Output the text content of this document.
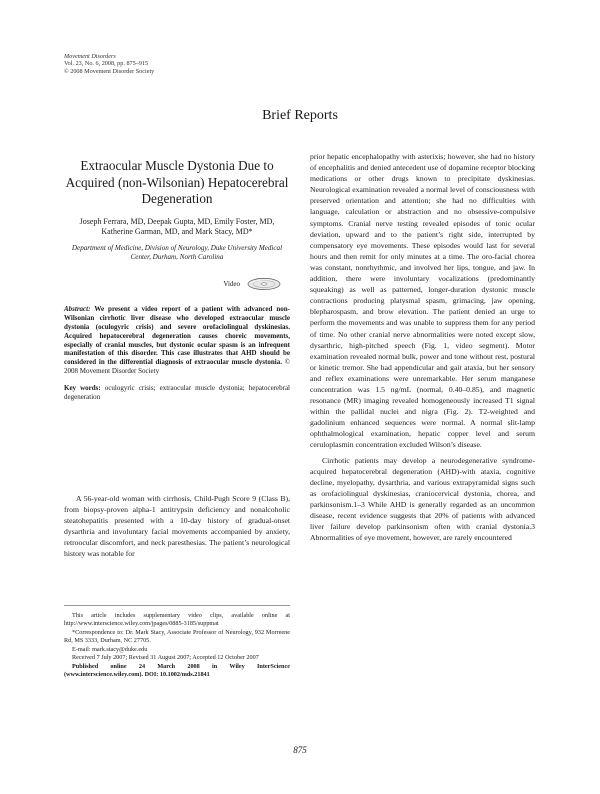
Movement Disorders
Vol. 23, No. 6, 2008, pp. 875–915
© 2008 Movement Disorder Society
Brief Reports
Extraocular Muscle Dystonia Due to Acquired (non-Wilsonian) Hepatocerebral Degeneration
Joseph Ferrara, MD, Deepak Gupta, MD, Emily Foster, MD, Katherine Garman, MD, and Mark Stacy, MD*
Department of Medicine, Division of Neurology, Duke University Medical Center, Durham, North Carolina
Video
Abstract: We present a video report of a patient with advanced non-Wilsonian cirrhotic liver disease who developed extraocular muscle dystonia (oculogyric crisis) and severe orofaciolingual dyskinesias. Acquired hepatocerebral degeneration causes choreic movements, especially of cranial muscles, but dystonic ocular spasm is an infrequent manifestation of this disorder. This case illustrates that AHD should be considered in the differential diagnosis of extraocular muscle dystonia. © 2008 Movement Disorder Society
Key words: oculogyric crisis; extraocular muscle dystonia; hepatocerebral degeneration

A 56-year-old woman with cirrhosis, Child-Pugh Score 9 (Class B), from biopsy-proven alpha-1 antitrypsin deficiency and nonalcoholic steatohepatitis presented with a 10-day history of gradual-onset dysarthria and involuntary facial movements accompanied by anxiety, retroocular discomfort, and neck paresthesias. The patient’s neurological history was notable for

This article includes supplementary video clips, available online at http://www.interscience.wiley.com/jpages/0885-3185/suppmat

*Correspondence to: Dr. Mark Stacy, Associate Professor of Neurology, 932 Morreene Rd, MS 3333, Durham, NC 27705.

E-mail: mark.stacy@duke.edu

Received 7 July 2007; Revised 31 August 2007; Accepted 12 October 2007

Published online 24 March 2008 in Wiley InterScience (www.interscience.wiley.com). DOI: 10.1002/mds.21841

prior hepatic encephalopathy with asterixis; however, she had no history of encephalitis and denied antecedent use of dopamine receptor blocking medications or other drugs known to precipitate dyskinesias. Neurological examination revealed a normal level of consciousness with preserved orientation and attention; she had no difficulties with language, calculation or abstraction and no obsessive-compulsive symptoms. Cranial nerve testing revealed episodes of tonic ocular deviation, upward and to the patient’s right side, interrupted by compensatory eye movements. These episodes would last for several hours and then remit for only minutes at a time. The oro-facial chorea was constant, nonrhythmic, and involved her lips, tongue, and jaw. In addition, there were involuntary vocalizations (predominantly squeaking) as well as patterned, longer-duration dystonic muscle contractions producing platysmal spasm, grimacing, jaw opening, blepharospasm, and brow elevation. The patient denied an urge to perform the movements and was unable to suppress them for any period of time. No other cranial nerve abnormalities were noted except slow, dysarthric, high-pitched speech (Fig. 1, video segment). Motor examination revealed normal bulk, power and tone without rest, postural or kinetic tremor. She had appendicular and gait ataxia, but her sensory and reflex examinations were unremarkable. Her serum manganese concentration was 1.5 ng/mL (normal, 0.40–0.85), and magnetic resonance (MR) imaging revealed homogeneously increased T1 signal within the pallidal nuclei and nigra (Fig. 2). T2-weighted and gadolinium enhanced sequences were normal. A normal slit-lamp ophthalmological examination, hepatic copper level and serum ceruloplasmin concentration excluded Wilson’s disease.

Cirrhotic patients may develop a neurodegenerative syndrome-acquired hepatocerebral degeneration (AHD)-with ataxia, cognitive decline, myelopathy, dysarthria, and various extrapyramidal signs such as orofaciolingual dyskinesias, craniocervical dystonia, chorea, and parkinsonism.1–3 While AHD is generally regarded as an uncommon disease, recent evidence suggests that 20% of patients with advanced liver failure develop parkinsonism often with cranial dystonia.3 Abnormalities of eye movement, however, are rarely encountered

875
